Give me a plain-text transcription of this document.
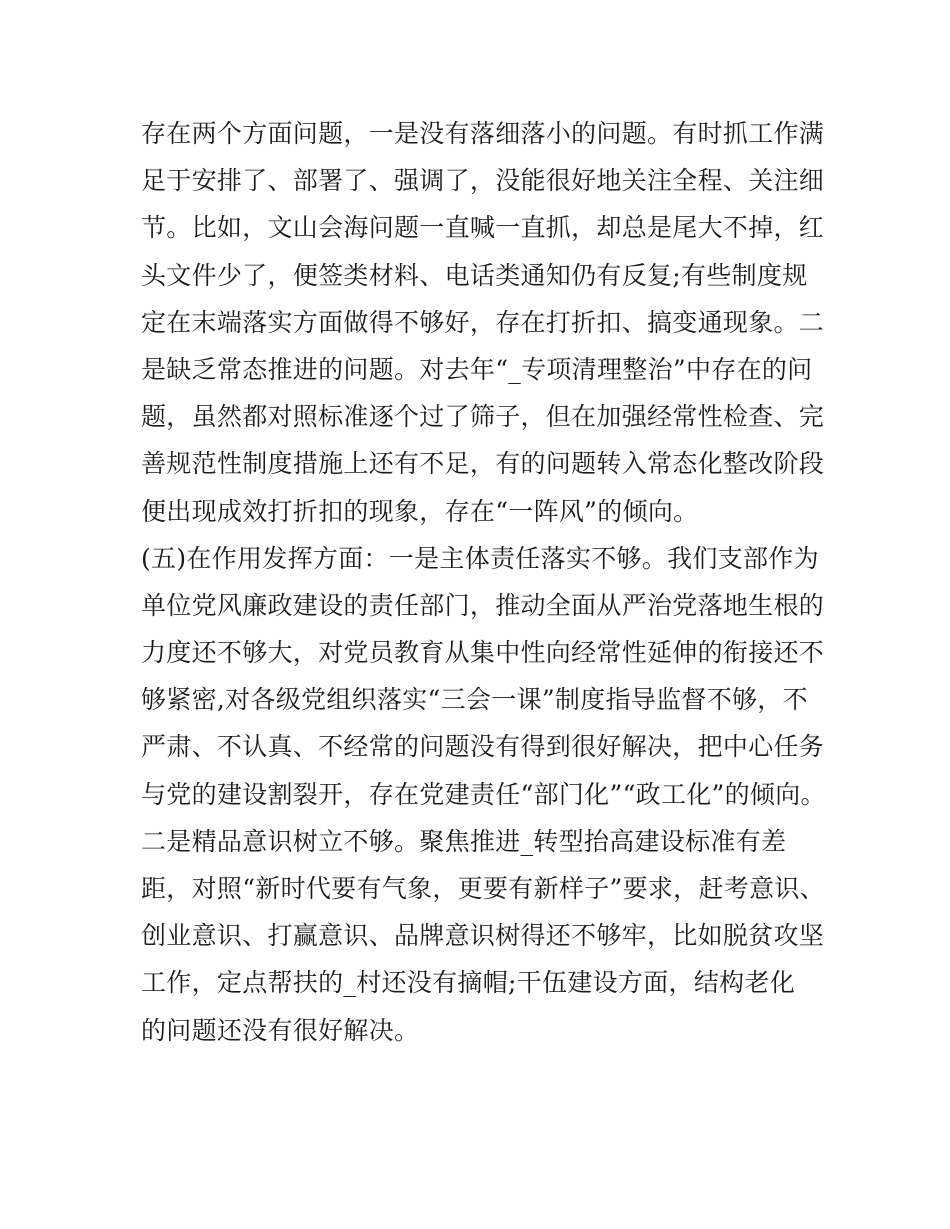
存在两个方面问题，一是没有落细落小的问题。有时抓工作满
足于安排了、部署了、强调了，没能很好地关注全程、关注细
节。比如，文山会海问题一直喊一直抓，却总是尾大不掉，红
头文件少了，便签类材料、电话类通知仍有反复;有些制度规
定在末端落实方面做得不够好，存在打折扣、搞变通现象。二
是缺乏常态推进的问题。对去年“_专项清理整治”中存在的问
题，虽然都对照标准逐个过了筛子，但在加强经常性检查、完
善规范性制度措施上还有不足，有的问题转入常态化整改阶段
便出现成效打折扣的现象，存在“一阵风”的倾向。
(五)在作用发挥方面：一是主体责任落实不够。我们支部作为
单位党风廉政建设的责任部门，推动全面从严治党落地生根的
力度还不够大，对党员教育从集中性向经常性延伸的衔接还不
够紧密,对各级党组织落实“三会一课”制度指导监督不够，不
严肃、不认真、不经常的问题没有得到很好解决，把中心任务
与党的建设割裂开，存在党建责任“部门化”“政工化”的倾向。
二是精品意识树立不够。聚焦推进_转型抬高建设标准有差
距，对照“新时代要有气象，更要有新样子”要求，赶考意识、
创业意识、打赢意识、品牌意识树得还不够牢，比如脱贫攻坚
工作，定点帮扶的_村还没有摘帽;干伍建设方面，结构老化
的问题还没有很好解决。
